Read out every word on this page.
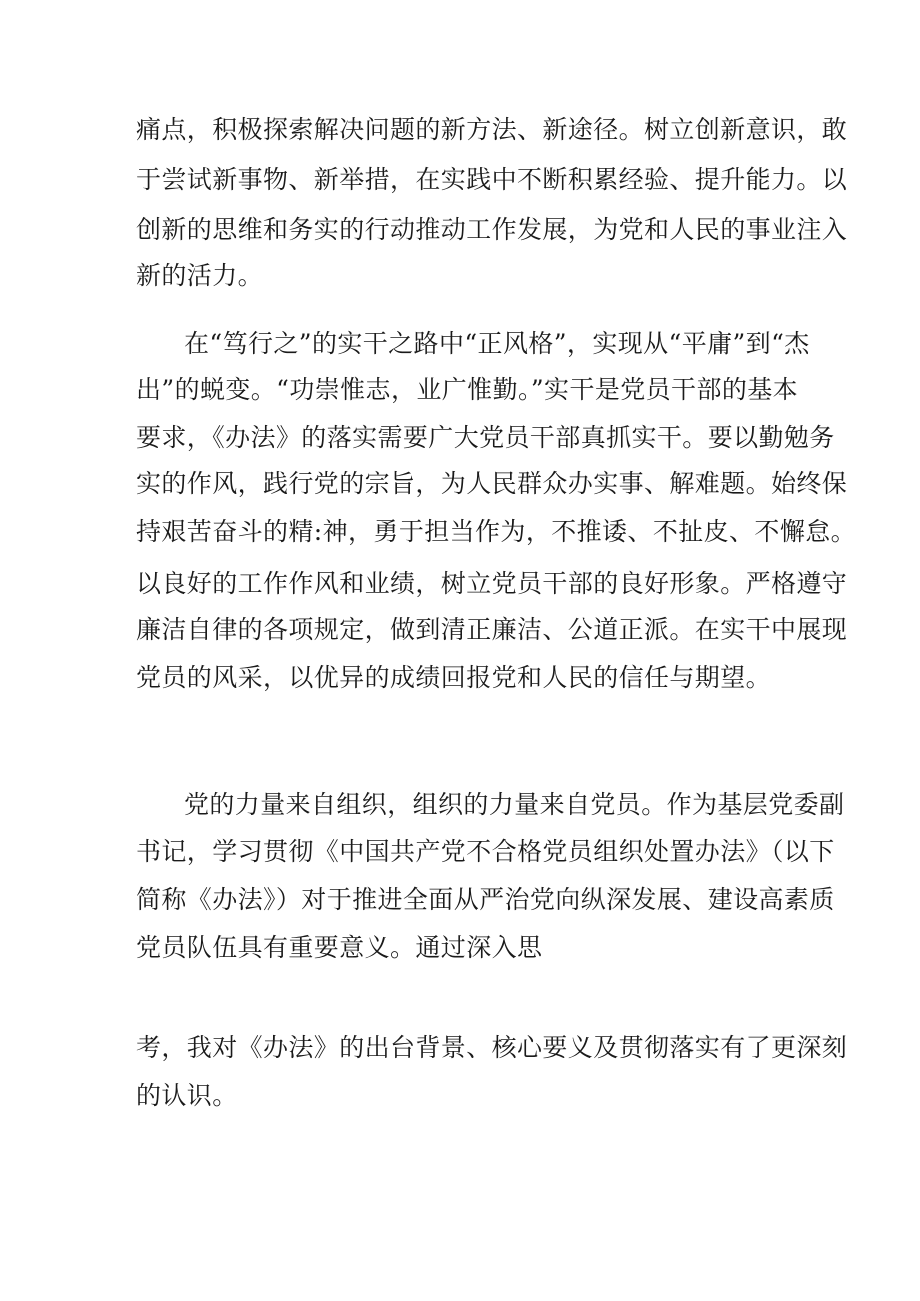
痛点，积极探索解决问题的新方法、新途径。树立创新意识，敢
于尝试新事物、新举措，在实践中不断积累经验、提升能力。以
创新的思维和务实的行动推动工作发展，为党和人民的事业注入
新的活力。
在“笃行之”的实干之路中“正风格”，实现从“平庸”到“杰
出”的蜕变。“功崇惟志，业广惟勤。”实干是党员干部的基本
要求，《办法》的落实需要广大党员干部真抓实干。要以勤勉务
实的作风，践行党的宗旨，为人民群众办实事、解难题。始终保
持艰苦奋斗的精:神，勇于担当作为，不推诿、不扯皮、不懈怠。
以良好的工作作风和业绩，树立党员干部的良好形象。严格遵守
廉洁自律的各项规定，做到清正廉洁、公道正派。在实干中展现
党员的风采，以优异的成绩回报党和人民的信任与期望。
党的力量来自组织，组织的力量来自党员。作为基层党委副
书记，学习贯彻《中国共产党不合格党员组织处置办法》（以下
简称《办法》）对于推进全面从严治党向纵深发展、建设高素质
党员队伍具有重要意义。通过深入思
考，我对《办法》的出台背景、核心要义及贯彻落实有了更深刻
的认识。
